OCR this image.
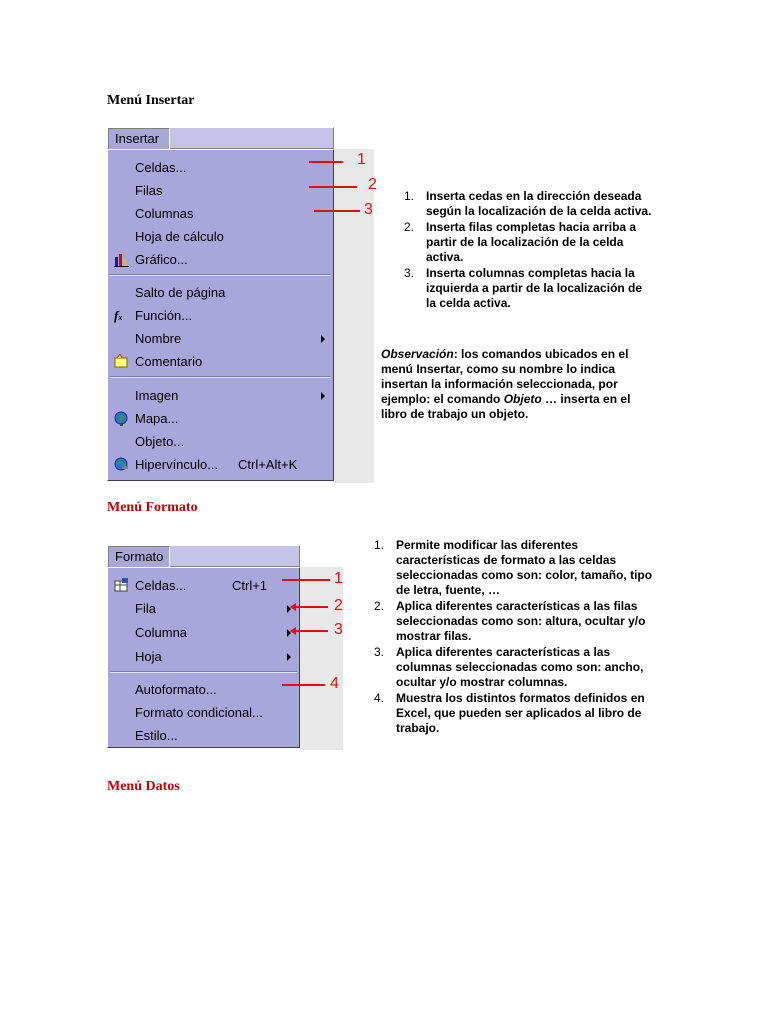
Menú Insertar
Menú Formato
Menú Datos
Insertar
Celdas...
Filas
Columnas
Hoja de cálculo
Gráfico...
Salto de página
fx Función...
Nombre
Comentario
Imagen
Mapa...
Objeto...
Hipervínculo... Ctrl+Alt+K
1
2
3
1. Inserta cedas en la dirección deseada según la localización de la celda activa.
2. Inserta filas completas hacia arriba a partir de la localización de la celda activa.
3. Inserta columnas completas hacia la izquierda a partir de la localización de la celda activa.
Observación: los comandos ubicados en el menú Insertar, como su nombre lo indica insertan la información seleccionada, por ejemplo: el comando Objeto … inserta en el libro de trabajo un objeto.
Formato
Celdas...	Ctrl+1
Fila
Columna
Hoja
Autoformato...
Formato condicional...
Estilo...
1
2
3
4
1. Permite modificar las diferentes características de formato a las celdas seleccionadas como son: color, tamaño, tipo de letra, fuente, …
2. Aplica diferentes características a las filas seleccionadas como son: altura, ocultar y/o mostrar filas.
3. Aplica diferentes características a las columnas seleccionadas como son: ancho, ocultar y/o mostrar columnas.
4. Muestra los distintos formatos definidos en Excel, que pueden ser aplicados al libro de trabajo.
